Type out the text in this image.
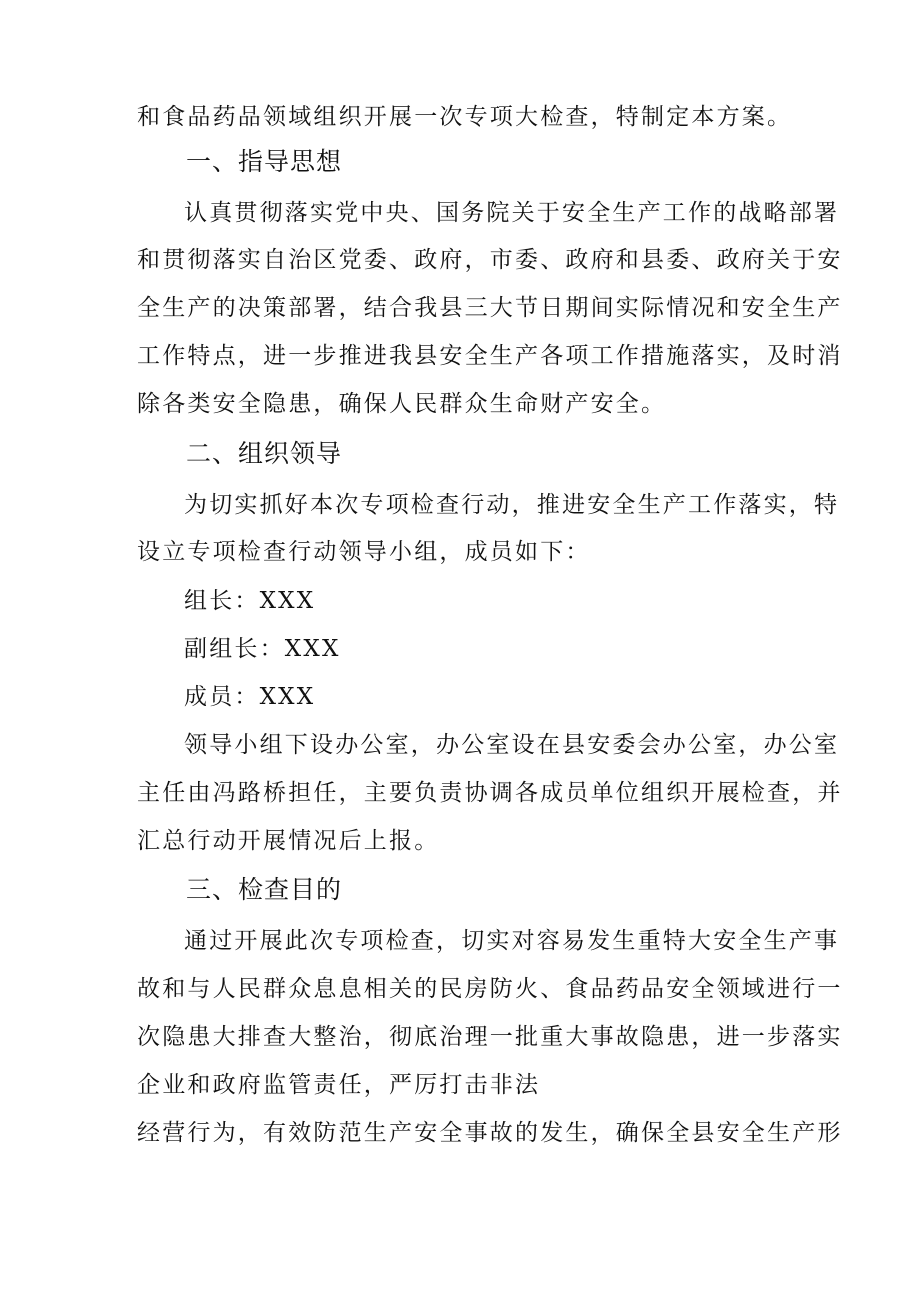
和食品药品领域组织开展一次专项大检查，特制定本方案。
一、指导思想
认真贯彻落实党中央、国务院关于安全生产工作的战略部署
和贯彻落实自治区党委、政府，市委、政府和县委、政府关于安
全生产的决策部署，结合我县三大节日期间实际情况和安全生产
工作特点，进一步推进我县安全生产各项工作措施落实，及时消
除各类安全隐患，确保人民群众生命财产安全。
二、组织领导
为切实抓好本次专项检查行动，推进安全生产工作落实，特
设立专项检查行动领导小组，成员如下：
组长：XXX
副组长：XXX
成员：XXX
领导小组下设办公室，办公室设在县安委会办公室，办公室
主任由冯路桥担任，主要负责协调各成员单位组织开展检查，并
汇总行动开展情况后上报。
三、检查目的
通过开展此次专项检查，切实对容易发生重特大安全生产事
故和与人民群众息息相关的民房防火、食品药品安全领域进行一
次隐患大排查大整治，彻底治理一批重大事故隐患，进一步落实
企业和政府监管责任，严厉打击非法
经营行为，有效防范生产安全事故的发生，确保全县安全生产形
